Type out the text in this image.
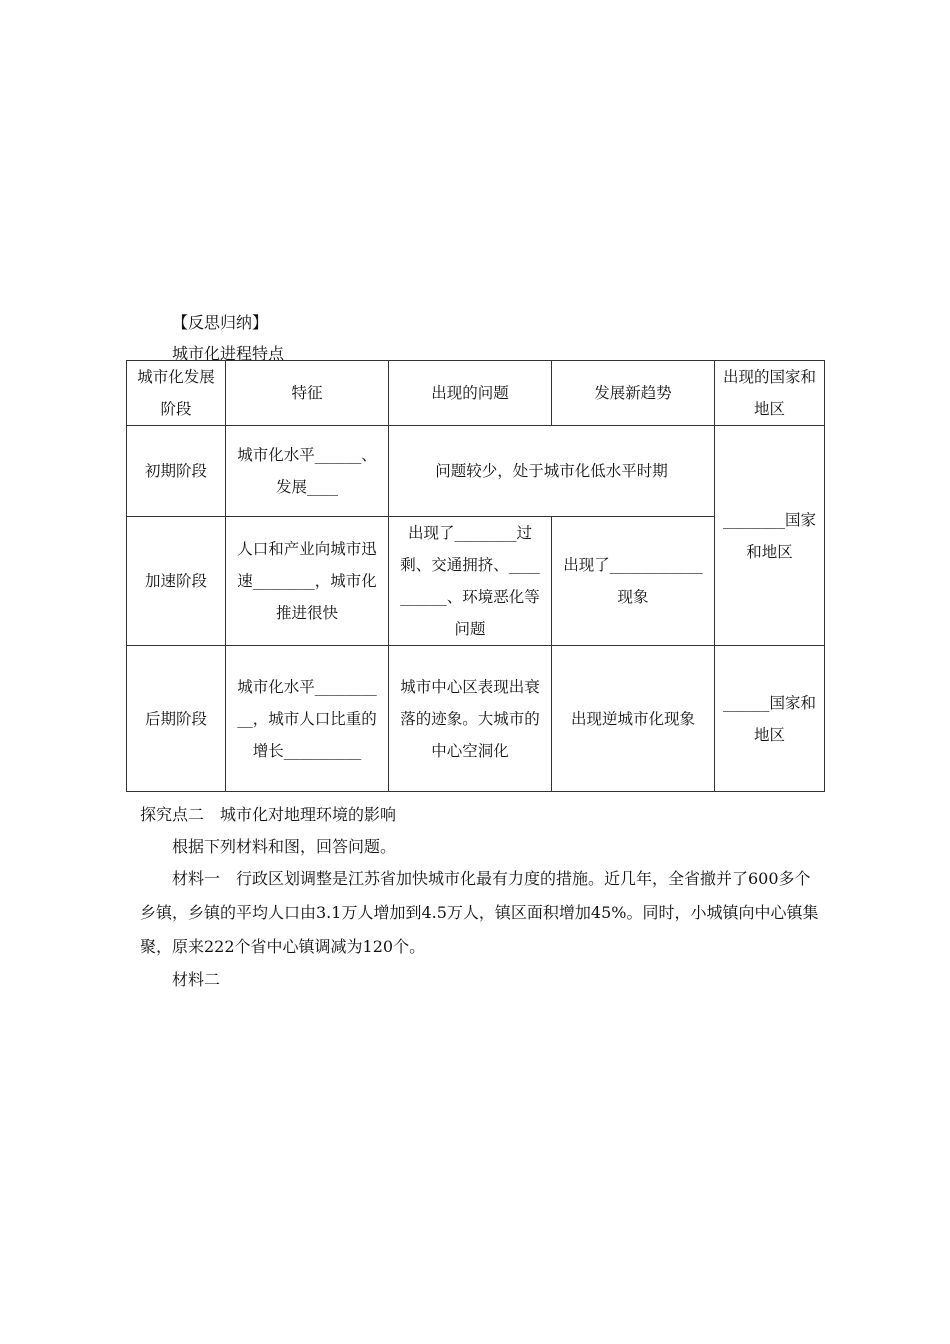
【反思归纳】
城市化进程特点
城市化发展阶段	特征	出现的问题	发展新趋势	出现的国家和地区
初期阶段	城市化水平______、发展____	问题较少，处于城市化低水平时期		________国家和地区
加速阶段	人口和产业向城市迅速________，城市化推进很快	出现了________过剩、交通拥挤、__________、环境恶化等问题	出现了____________现象	
后期阶段	城市化水平__________，城市人口比重的增长__________	城市中心区表现出衰落的迹象。大城市的中心空洞化	出现逆城市化现象	______国家和地区
探究点二　城市化对地理环境的影响
根据下列材料和图，回答问题。
材料一　行政区划调整是江苏省加快城市化最有力度的措施。近几年，全省撤并了600多个乡镇，乡镇的平均人口由3.1万人增加到4.5万人，镇区面积增加45%。同时，小城镇向中心镇集聚，原来222个省中心镇调减为120个。
材料二
